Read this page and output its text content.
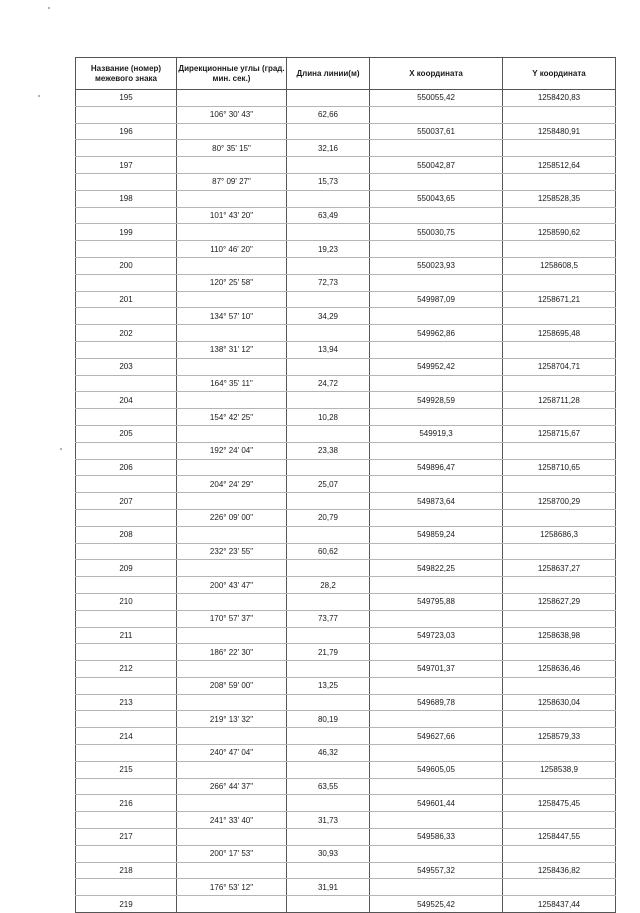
Название (номер) межевого знака	Дирекционные углы (град. мин. сек.)	Длина линии(м)	Х координата	Y координата
195			550055,42	1258420,83
	106° 30' 43"	62,66		
196			550037,61	1258480,91
	80° 35' 15"	32,16		
197			550042,87	1258512,64
	87° 09' 27"	15,73		
198			550043,65	1258528,35
	101° 43' 20"	63,49		
199			550030,75	1258590,62
	110° 46' 20"	19,23		
200			550023,93	1258608,5
	120° 25' 58"	72,73		
201			549987,09	1258671,21
	134° 57' 10"	34,29		
202			549962,86	1258695,48
	138° 31' 12"	13,94		
203			549952,42	1258704,71
	164° 35' 11"	24,72		
204			549928,59	1258711,28
	154° 42' 25"	10,28		
205			549919,3	1258715,67
	192° 24' 04"	23,38		
206			549896,47	1258710,65
	204° 24' 29"	25,07		
207			549873,64	1258700,29
	226° 09' 00"	20,79		
208			549859,24	1258686,3
	232° 23' 55"	60,62		
209			549822,25	1258637,27
	200° 43' 47"	28,2		
210			549795,88	1258627,29
	170° 57' 37"	73,77		
211			549723,03	1258638,98
	186° 22' 30"	21,79		
212			549701,37	1258636,46
	208° 59' 00"	13,25		
213			549689,78	1258630,04
	219° 13' 32"	80,19		
214			549627,66	1258579,33
	240° 47' 04"	46,32		
215			549605,05	1258538,9
	266° 44' 37"	63,55		
216			549601,44	1258475,45
	241° 33' 40"	31,73		
217			549586,33	1258447,55
	200° 17' 53"	30,93		
218			549557,32	1258436,82
	176° 53' 12"	31,91		
219			549525,42	1258437,44
